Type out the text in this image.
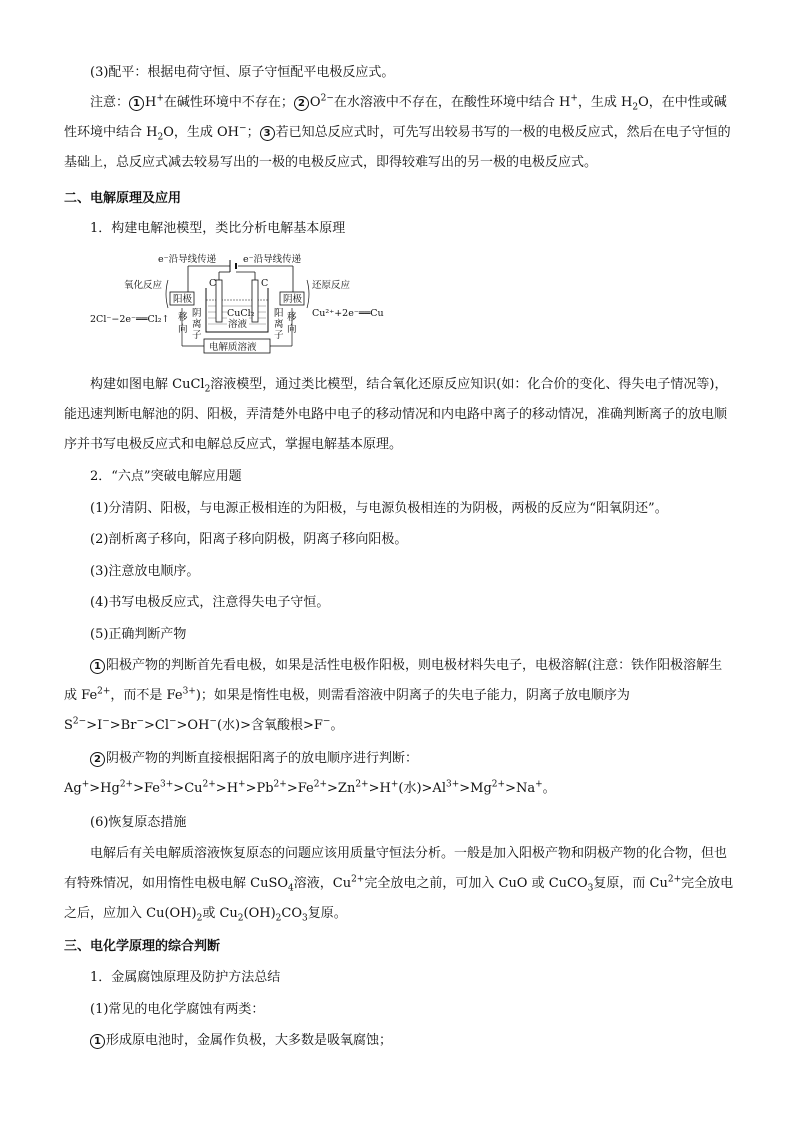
(3)配平：根据电荷守恒、原子守恒配平电极反应式。

注意： 1 H+在碱性环境中不存在； 2 $O^{2-}$在水溶液中不存在，在酸性环境中结合 H+，生成 $H_2O$，在中性或碱性环境中结合 $H_2O$，生成 OH−； 3 若已知总反应式时，可先写出较易书写的一极的电极反应式，然后在电子守恒的基础上，总反应式减去较易写出的一极的电极反应式，即得较难写出的另一极的电极反应式。

二、电解原理及应用

1．构建电解池模型，类比分析电解基本原理

e⁻沿导线传递	e⁻沿导线传递
氧化反应	还原反应
阳极	阴极
2Cl⁻−2e⁻══Cl₂↑
Cu²⁺+2e⁻══Cu
移
向
阴
离
子
阳
离
子
移
向
C	C
CuCl₂
溶液
电解质溶液

构建如图电解 CuCl$_2$溶液模型，通过类比模型，结合氧化还原反应知识(如：化合价的变化、得失电子情况等)，能迅速判断电解池的阴、阳极，弄清楚外电路中电子的移动情况和内电路中离子的移动情况，准确判断离子的放电顺序并书写电极反应式和电解总反应式，掌握电解基本原理。

2．“六点”突破电解应用题

(1)分清阴、阳极，与电源正极相连的为阳极，与电源负极相连的为阴极，两极的反应为“阳氧阴还”。

(2)剖析离子移向，阳离子移向阴极，阴离子移向阳极。

(3)注意放电顺序。

(4)书写电极反应式，注意得失电子守恒。

(5)正确判断产物

1 阳极产物的判断首先看电极，如果是活性电极作阳极，则电极材料失电子，电极溶解(注意：铁作阳极溶解生成 $Fe^{2+}$，而不是 $Fe^{3+}$)；如果是惰性电极，则需看溶液中阴离子的失电子能力，阴离子放电顺序为 $S^{2-}>I^->Br^->Cl^->OH^-$(水)>含氧酸根>F−。

2 阴极产物的判断直接根据阳离子的放电顺序进行判断：$Ag^+>Hg^{2+}>Fe^{3+}>Cu^{2+}>H^+>Pb^{2+}>Fe^{2+}>Zn^{2+}>H^+$(水)$>Al^{3+}>Mg^{2+}>Na^+$。

(6)恢复原态措施

电解后有关电解质溶液恢复原态的问题应该用质量守恒法分析。一般是加入阳极产物和阴极产物的化合物，但也有特殊情况，如用惰性电极电解 CuSO$_4$溶液，$Cu^{2+}$完全放电之前，可加入 CuO 或 CuCO$_3$复原，而 $Cu^{2+}$完全放电之后，应加入 $Cu(OH)_2$或 $Cu_2(OH)_2CO_3$复原。

三、电化学原理的综合判断

1．金属腐蚀原理及防护方法总结

(1)常见的电化学腐蚀有两类：

1 形成原电池时，金属作负极，大多数是吸氧腐蚀；
